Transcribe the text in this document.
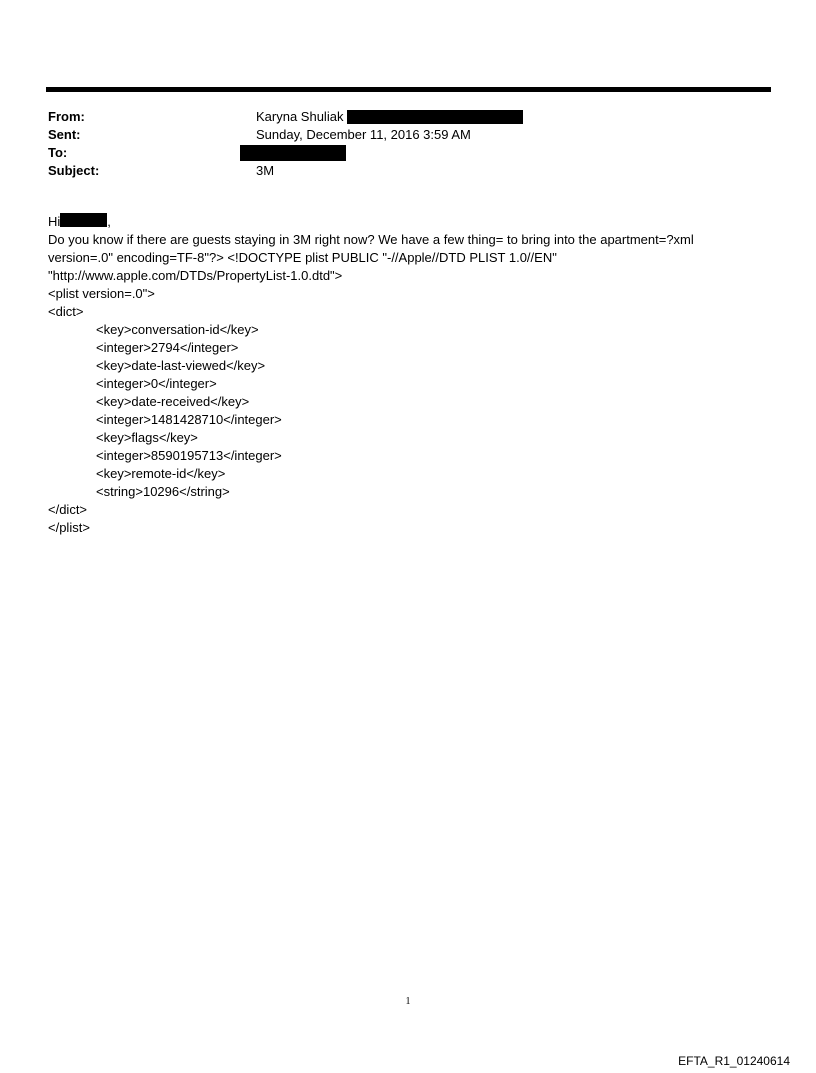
From:	Karyna Shuliak
Sent:	Sunday, December 11, 2016 3:59 AM
To:
Subject:	3M
Hi	,
Do you know if there are guests staying in 3M right now? We have a few thing= to bring into the apartment=?xml
version=.0" encoding=TF-8"?> <!DOCTYPE plist PUBLIC "-//Apple//DTD PLIST 1.0//EN"
"http://www.apple.com/DTDs/PropertyList-1.0.dtd">
<plist version=.0">
<dict>
<key>conversation-id</key>
<integer>2794</integer>
<key>date-last-viewed</key>
<integer>0</integer>
<key>date-received</key>
<integer>1481428710</integer>
<key>flags</key>
<integer>8590195713</integer>
<key>remote-id</key>
<string>10296</string>
</dict>
</plist>
1
EFTA_R1_01240614
